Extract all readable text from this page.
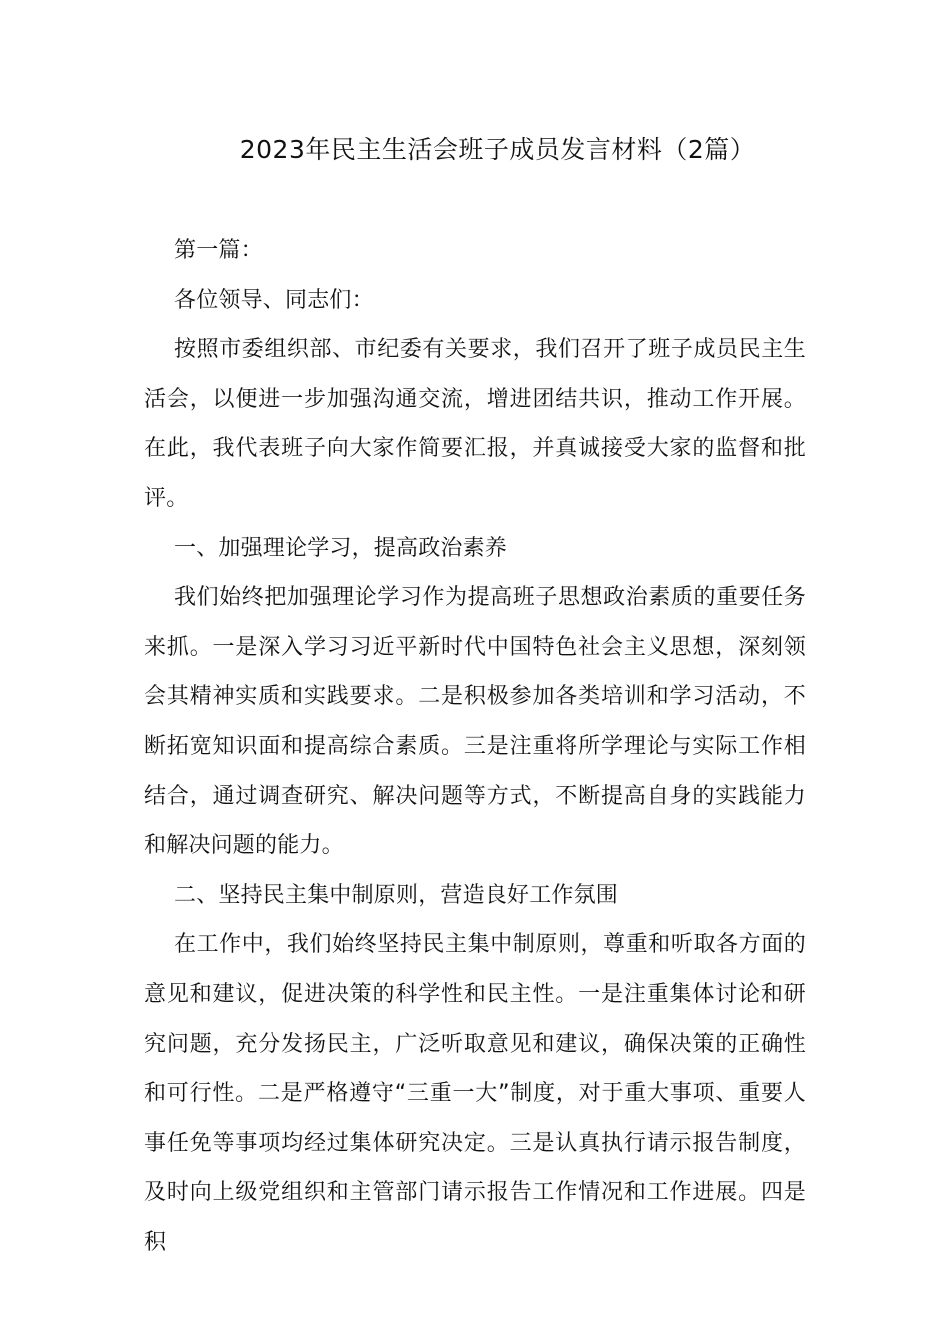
2023年民主生活会班子成员发言材料（2篇）

第一篇：

各位领导、同志们：

按照市委组织部、市纪委有关要求，我们召开了班子成员民主生活会，以便进一步加强沟通交流，增进团结共识，推动工作开展。在此，我代表班子向大家作简要汇报，并真诚接受大家的监督和批评。

一、加强理论学习，提高政治素养

我们始终把加强理论学习作为提高班子思想政治素质的重要任务来抓。一是深入学习习近平新时代中国特色社会主义思想，深刻领会其精神实质和实践要求。二是积极参加各类培训和学习活动，不断拓宽知识面和提高综合素质。三是注重将所学理论与实际工作相结合，通过调查研究、解决问题等方式，不断提高自身的实践能力和解决问题的能力。

二、坚持民主集中制原则，营造良好工作氛围

在工作中，我们始终坚持民主集中制原则，尊重和听取各方面的意见和建议，促进决策的科学性和民主性。一是注重集体讨论和研究问题，充分发扬民主，广泛听取意见和建议，确保决策的正确性和可行性。二是严格遵守“三重一大”制度，对于重大事项、重要人事任免等事项均经过集体研究决定。三是认真执行请示报告制度，及时向上级党组织和主管部门请示报告工作情况和工作进展。四是积
